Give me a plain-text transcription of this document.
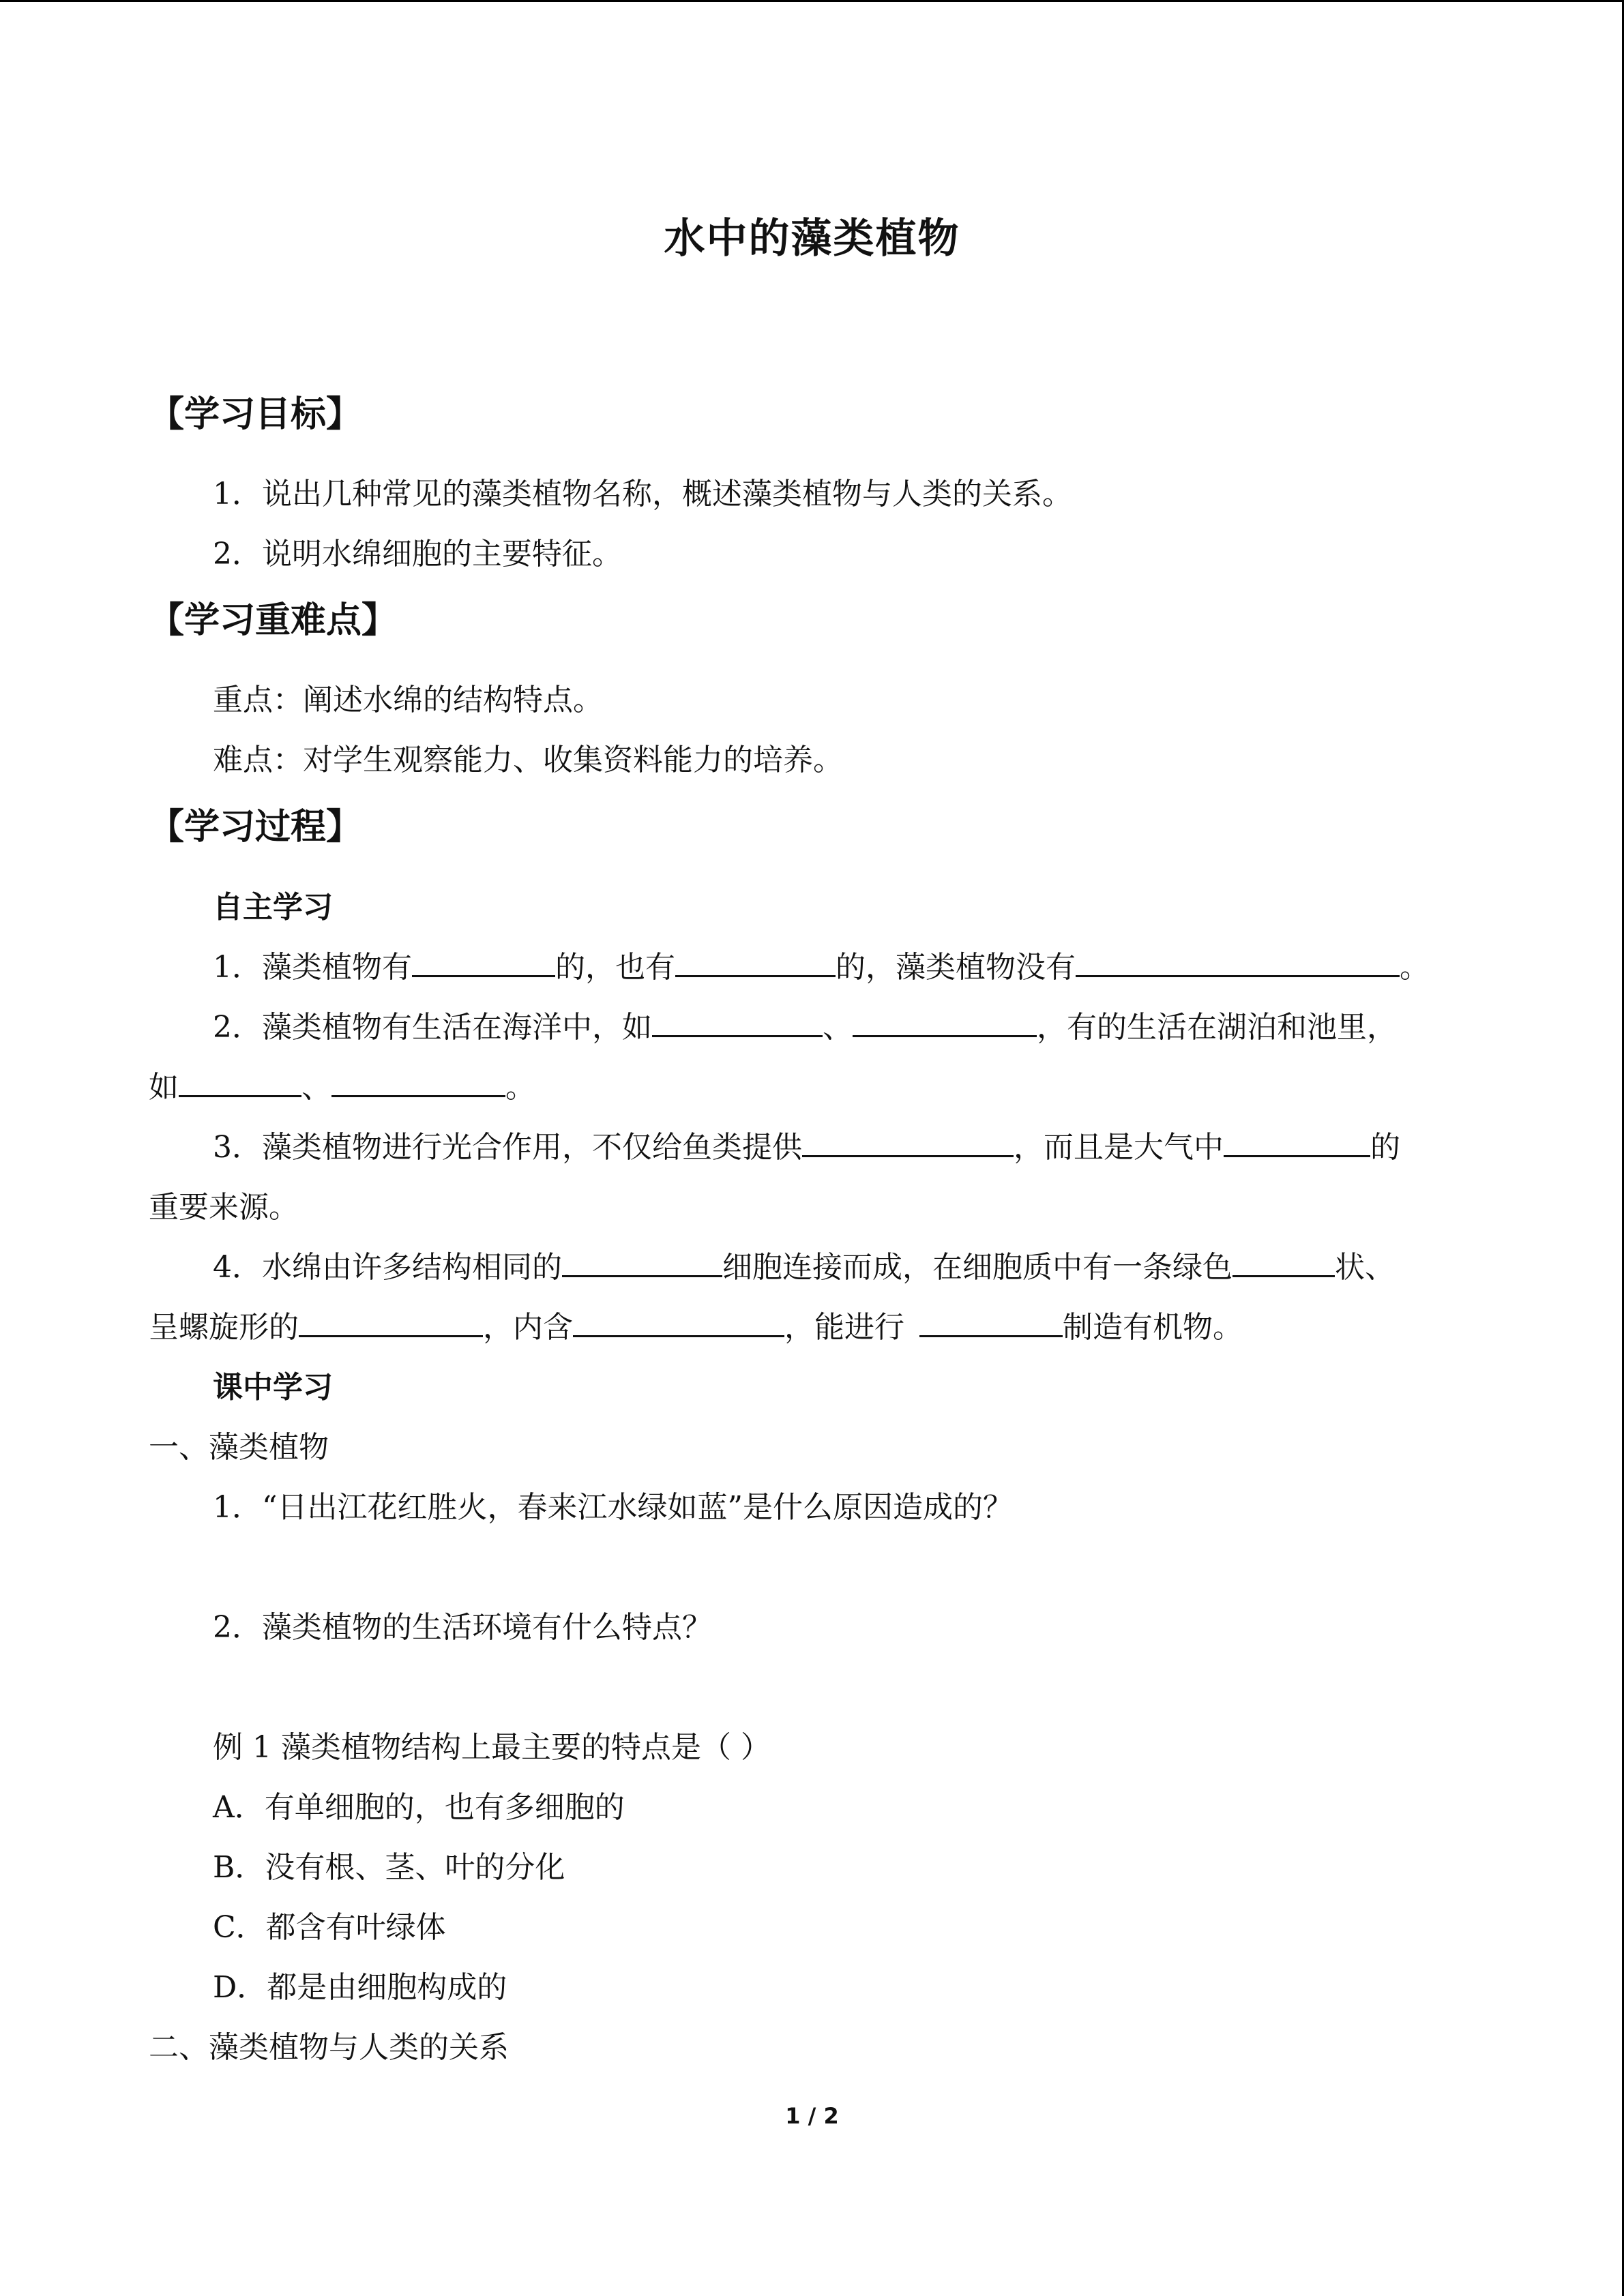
水中的藻类植物
【学习目标】
1．说出几种常见的藻类植物名称，概述藻类植物与人类的关系。
2．说明水绵细胞的主要特征。
【学习重难点】
重点：阐述水绵的结构特点。
难点：对学生观察能力、收集资料能力的培养。
【学习过程】
自主学习
1．藻类植物有	的，也有	的，藻类植物没有	。
2．藻类植物有生活在海洋中，如	、	，有的生活在湖泊和池里，
如	、	。
3．藻类植物进行光合作用，不仅给鱼类提供	，而且是大气中	的
重要来源。
4．水绵由许多结构相同的	细胞连接而成，在细胞质中有一条绿色	状、
呈螺旋形的	，内含	，能进行	制造有机物。
课中学习
一、藻类植物
1．“日出江花红胜火，春来江水绿如蓝”是什么原因造成的？
2．藻类植物的生活环境有什么特点？
例 1 藻类植物结构上最主要的特点是（ ）
A．有单细胞的，也有多细胞的
B．没有根、茎、叶的分化
C．都含有叶绿体
D．都是由细胞构成的
二、藻类植物与人类的关系
1 / 2
